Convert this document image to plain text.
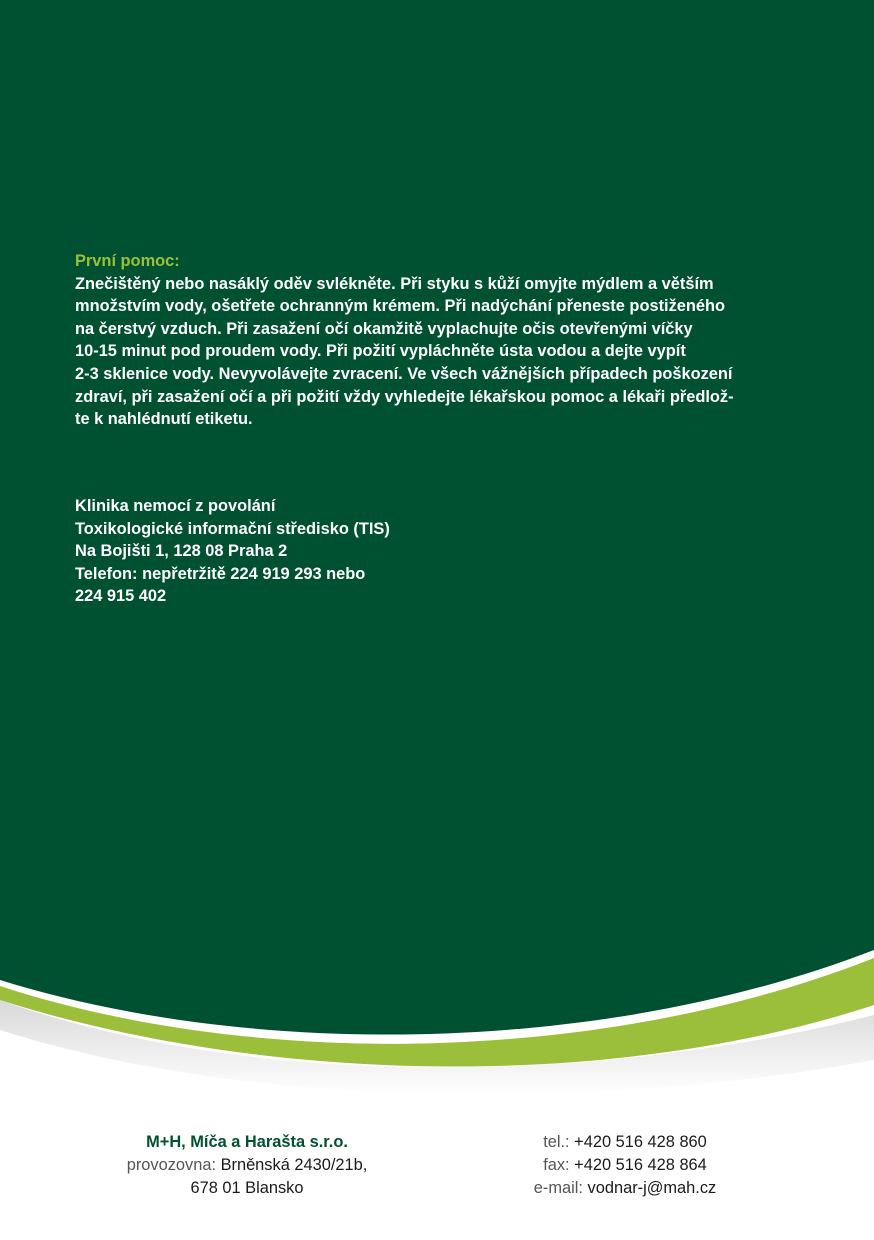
První pomoc:
Znečištěný nebo nasáklý oděv svlékněte. Při styku s kůží omyjte mýdlem a větším
množstvím vody, ošetřete ochranným krémem. Při nadýchání přeneste postiženého
na čerstvý vzduch. Při zasažení očí okamžitě vyplachujte očis otevřenými víčky
10-15 minut pod proudem vody. Při požití vypláchněte ústa vodou a dejte vypít
2-3 sklenice vody. Nevyvolávejte zvracení. Ve všech vážnějších případech poškození
zdraví, při zasažení očí a při požití vždy vyhledejte lékařskou pomoc a lékaři předlož-
te k nahlédnutí etiketu.
Klinika nemocí z povolání
Toxikologické informační středisko (TIS)
Na Bojišti 1, 128 08 Praha 2
Telefon: nepřetržitě 224 919 293 nebo
224 915 402
M+H, Míča a Harašta s.r.o.
provozovna: Brněnská 2430/21b,
678 01 Blansko
tel.: +420 516 428 860
fax: +420 516 428 864
e-mail: vodnar-j@mah.cz
